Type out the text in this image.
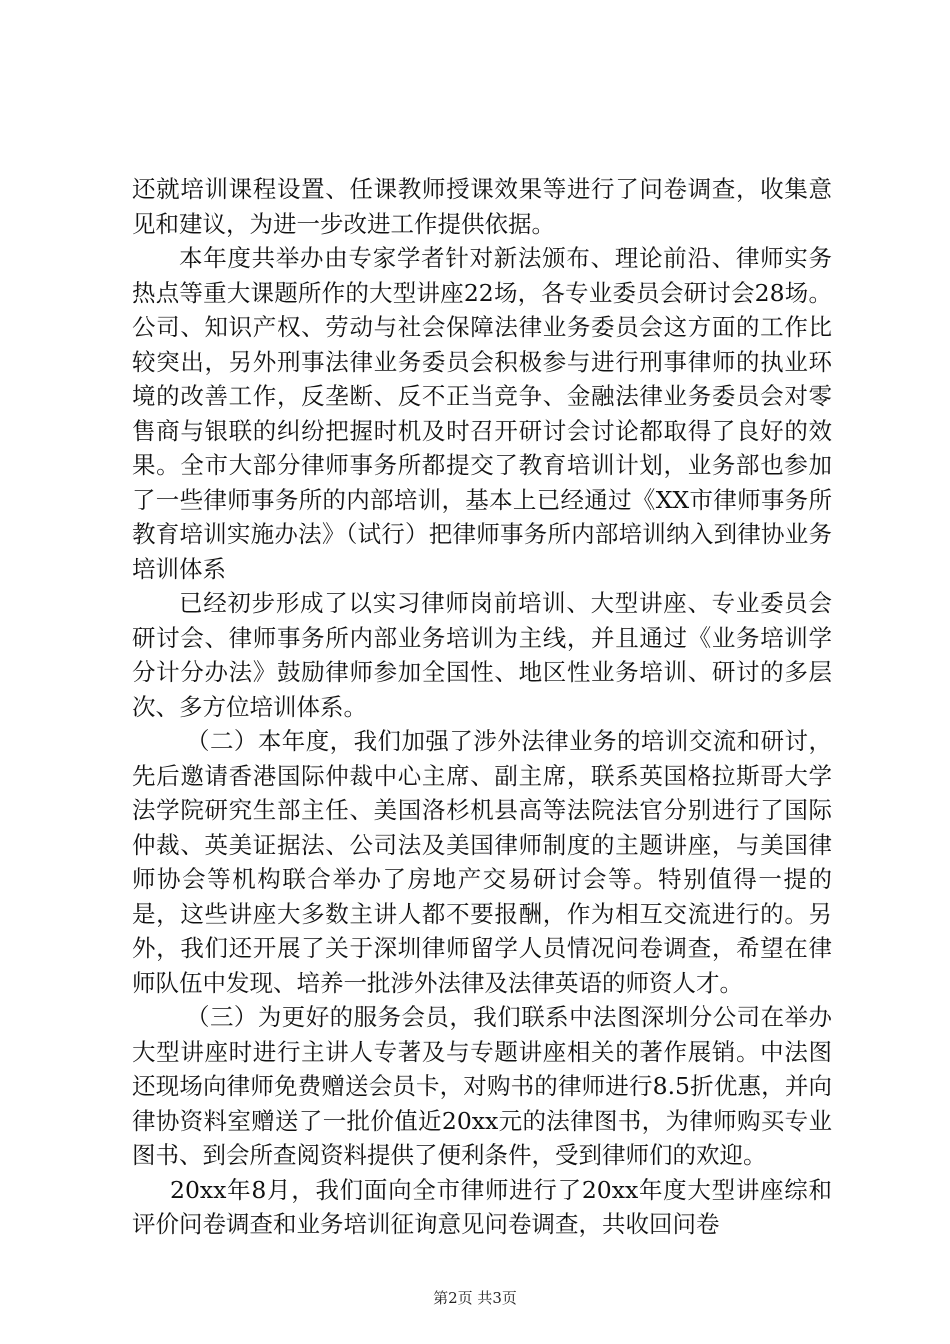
还就培训课程设置、任课教师授课效果等进行了问卷调查，收集意见和建议，为进一步改进工作提供依据。

本年度共举办由专家学者针对新法颁布、理论前沿、律师实务热点等重大课题所作的大型讲座22场，各专业委员会研讨会28场。公司、知识产权、劳动与社会保障法律业务委员会这方面的工作比较突出，另外刑事法律业务委员会积极参与进行刑事律师的执业环境的改善工作，反垄断、反不正当竞争、金融法律业务委员会对零售商与银联的纠纷把握时机及时召开研讨会讨论都取得了良好的效果。全市大部分律师事务所都提交了教育培训计划，业务部也参加了一些律师事务所的内部培训，基本上已经通过《XX市律师事务所教育培训实施办法》（试行）把律师事务所内部培训纳入到律协业务培训体系

已经初步形成了以实习律师岗前培训、大型讲座、专业委员会研讨会、律师事务所内部业务培训为主线，并且通过《业务培训学分计分办法》鼓励律师参加全国性、地区性业务培训、研讨的多层次、多方位培训体系。

（二）本年度，我们加强了涉外法律业务的培训交流和研讨，先后邀请香港国际仲裁中心主席、副主席，联系英国格拉斯哥大学法学院研究生部主任、美国洛杉机县高等法院法官分别进行了国际仲裁、英美证据法、公司法及美国律师制度的主题讲座，与美国律师协会等机构联合举办了房地产交易研讨会等。特别值得一提的是，这些讲座大多数主讲人都不要报酬，作为相互交流进行的。另外，我们还开展了关于深圳律师留学人员情况问卷调查，希望在律师队伍中发现、培养一批涉外法律及法律英语的师资人才。

（三）为更好的服务会员，我们联系中法图深圳分公司在举办大型讲座时进行主讲人专著及与专题讲座相关的著作展销。中法图还现场向律师免费赠送会员卡，对购书的律师进行8.5折优惠，并向律协资料室赠送了一批价值近20xx元的法律图书，为律师购买专业图书、到会所查阅资料提供了便利条件，受到律师们的欢迎。

20xx年8月，我们面向全市律师进行了20xx年度大型讲座综和评价问卷调查和业务培训征询意见问卷调查，共收回问卷

第2页 共3页
